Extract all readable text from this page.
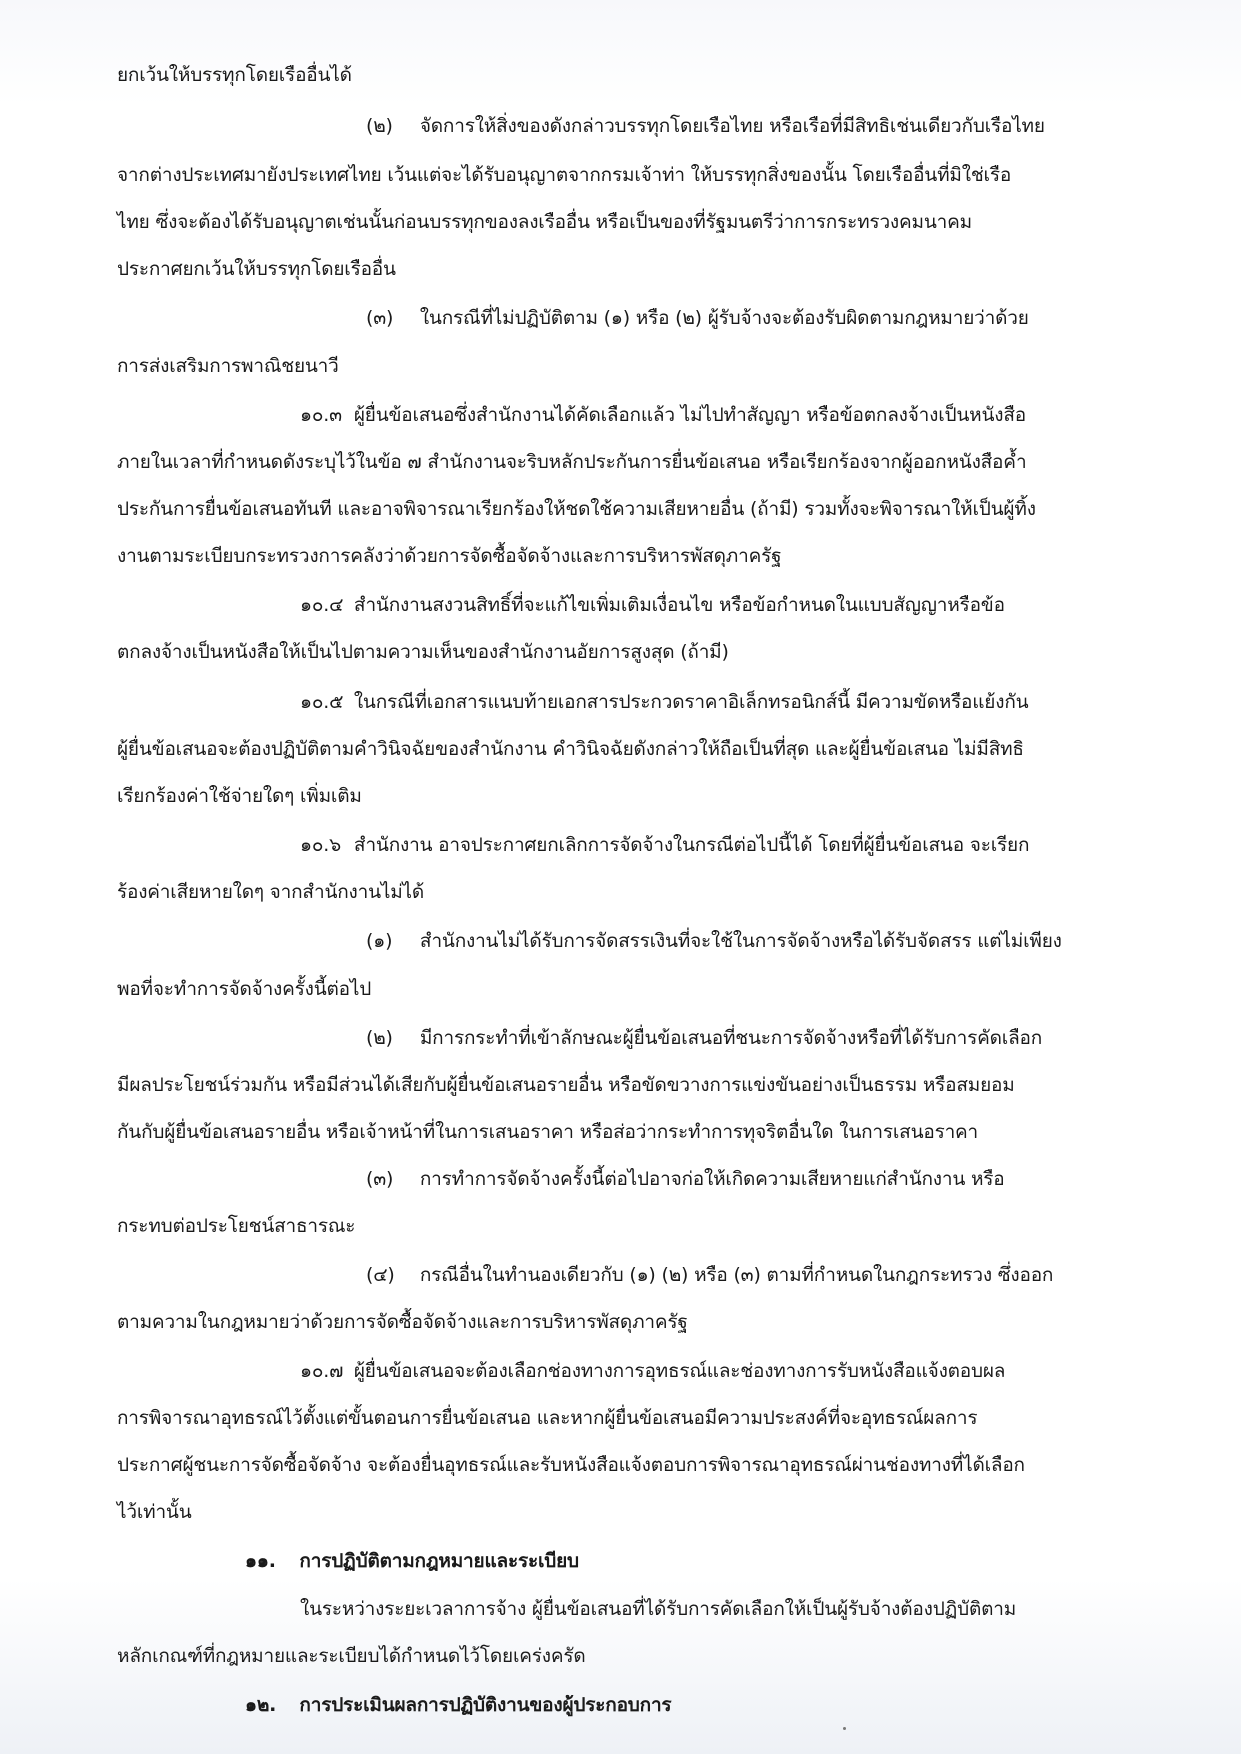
ยกเว้นให้บรรทุกโดยเรืออื่นได้
(๒) จัดการให้สิ่งของดังกล่าวบรรทุกโดยเรือไทย หรือเรือที่มีสิทธิเช่นเดียวกับเรือไทย
จากต่างประเทศมายังประเทศไทย เว้นแต่จะได้รับอนุญาตจากกรมเจ้าท่า ให้บรรทุกสิ่งของนั้น โดยเรืออื่นที่มิใช่เรือ
ไทย ซึ่งจะต้องได้รับอนุญาตเช่นนั้นก่อนบรรทุกของลงเรืออื่น หรือเป็นของที่รัฐมนตรีว่าการกระทรวงคมนาคม
ประกาศยกเว้นให้บรรทุกโดยเรืออื่น
(๓) ในกรณีที่ไม่ปฏิบัติตาม (๑) หรือ (๒) ผู้รับจ้างจะต้องรับผิดตามกฎหมายว่าด้วย
การส่งเสริมการพาณิชยนาวี
๑๐.๓ ผู้ยื่นข้อเสนอซึ่งสำนักงานได้คัดเลือกแล้ว ไม่ไปทำสัญญา หรือข้อตกลงจ้างเป็นหนังสือ
ภายในเวลาที่กำหนดดังระบุไว้ในข้อ ๗ สำนักงานจะริบหลักประกันการยื่นข้อเสนอ หรือเรียกร้องจากผู้ออกหนังสือค้ำ
ประกันการยื่นข้อเสนอทันที และอาจพิจารณาเรียกร้องให้ชดใช้ความเสียหายอื่น (ถ้ามี) รวมทั้งจะพิจารณาให้เป็นผู้ทิ้ง
งานตามระเบียบกระทรวงการคลังว่าด้วยการจัดซื้อจัดจ้างและการบริหารพัสดุภาครัฐ
๑๐.๔ สำนักงานสงวนสิทธิ์ที่จะแก้ไขเพิ่มเติมเงื่อนไข หรือข้อกำหนดในแบบสัญญาหรือข้อ
ตกลงจ้างเป็นหนังสือให้เป็นไปตามความเห็นของสำนักงานอัยการสูงสุด (ถ้ามี)
๑๐.๕ ในกรณีที่เอกสารแนบท้ายเอกสารประกวดราคาอิเล็กทรอนิกส์นี้ มีความขัดหรือแย้งกัน
ผู้ยื่นข้อเสนอจะต้องปฏิบัติตามคำวินิจฉัยของสำนักงาน คำวินิจฉัยดังกล่าวให้ถือเป็นที่สุด และผู้ยื่นข้อเสนอ ไม่มีสิทธิ
เรียกร้องค่าใช้จ่ายใดๆ เพิ่มเติม
๑๐.๖ สำนักงาน อาจประกาศยกเลิกการจัดจ้างในกรณีต่อไปนี้ได้ โดยที่ผู้ยื่นข้อเสนอ จะเรียก
ร้องค่าเสียหายใดๆ จากสำนักงานไม่ได้
(๑) สำนักงานไม่ได้รับการจัดสรรเงินที่จะใช้ในการจัดจ้างหรือได้รับจัดสรร แต่ไม่เพียง
พอที่จะทำการจัดจ้างครั้งนี้ต่อไป
(๒) มีการกระทำที่เข้าลักษณะผู้ยื่นข้อเสนอที่ชนะการจัดจ้างหรือที่ได้รับการคัดเลือก
มีผลประโยชน์ร่วมกัน หรือมีส่วนได้เสียกับผู้ยื่นข้อเสนอรายอื่น หรือขัดขวางการแข่งขันอย่างเป็นธรรม หรือสมยอม
กันกับผู้ยื่นข้อเสนอรายอื่น หรือเจ้าหน้าที่ในการเสนอราคา หรือส่อว่ากระทำการทุจริตอื่นใด ในการเสนอราคา
(๓) การทำการจัดจ้างครั้งนี้ต่อไปอาจก่อให้เกิดความเสียหายแก่สำนักงาน หรือ
กระทบต่อประโยชน์สาธารณะ
(๔) กรณีอื่นในทำนองเดียวกับ (๑) (๒) หรือ (๓) ตามที่กำหนดในกฎกระทรวง ซึ่งออก
ตามความในกฎหมายว่าด้วยการจัดซื้อจัดจ้างและการบริหารพัสดุภาครัฐ
๑๐.๗ ผู้ยื่นข้อเสนอจะต้องเลือกช่องทางการอุทธรณ์และช่องทางการรับหนังสือแจ้งตอบผล
การพิจารณาอุทธรณ์ไว้ตั้งแต่ขั้นตอนการยื่นข้อเสนอ และหากผู้ยื่นข้อเสนอมีความประสงค์ที่จะอุทธรณ์ผลการ
ประกาศผู้ชนะการจัดซื้อจัดจ้าง จะต้องยื่นอุทธรณ์และรับหนังสือแจ้งตอบการพิจารณาอุทธรณ์ผ่านช่องทางที่ได้เลือก
ไว้เท่านั้น
๑๑. การปฏิบัติตามกฎหมายและระเบียบ
ในระหว่างระยะเวลาการจ้าง ผู้ยื่นข้อเสนอที่ได้รับการคัดเลือกให้เป็นผู้รับจ้างต้องปฏิบัติตาม
หลักเกณฑ์ที่กฎหมายและระเบียบได้กำหนดไว้โดยเคร่งครัด
๑๒. การประเมินผลการปฏิบัติงานของผู้ประกอบการ
